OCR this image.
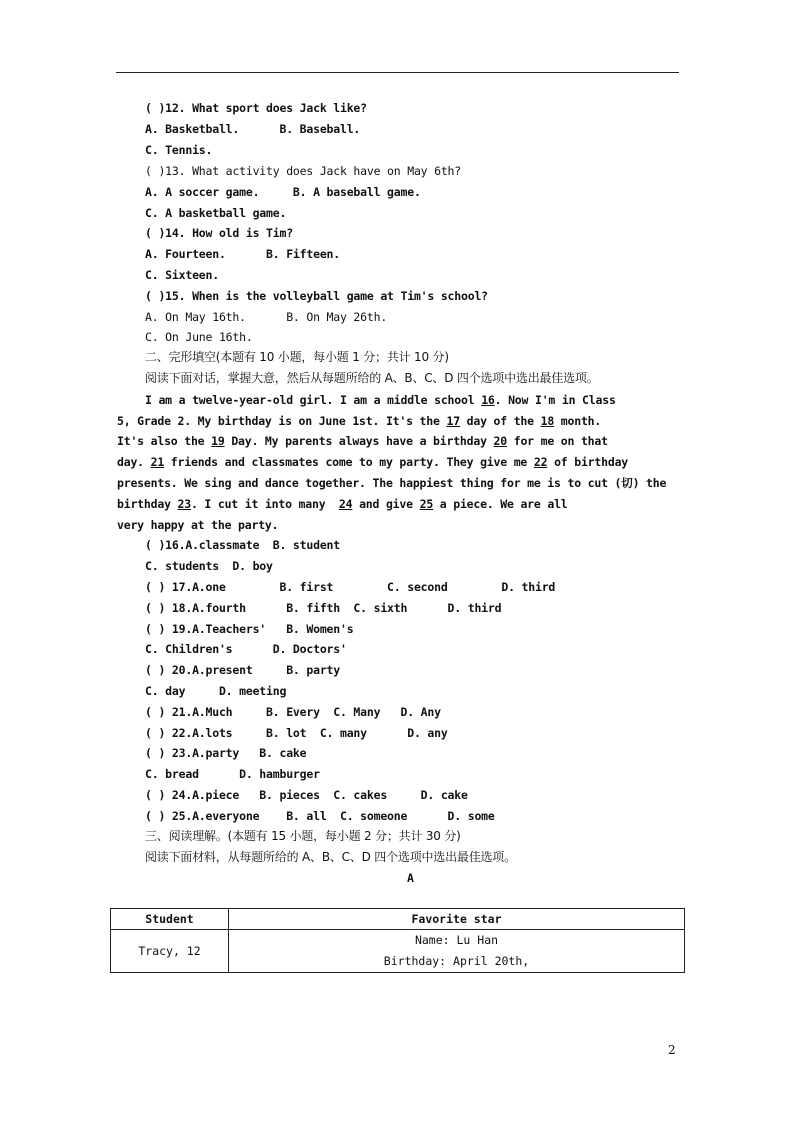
( )12. What sport does Jack like?
A. Basketball.      B. Baseball.
C. Tennis.
( )13. What activity does Jack have on May 6th?
A. A soccer game.     B. A baseball game.
C. A basketball game.
( )14. How old is Tim?
A. Fourteen.      B. Fifteen.
C. Sixteen.
( )15. When is the volleyball game at Tim's school?
A. On May 16th.      B. On May 26th.
C. On June 16th.
二、完形填空(本题有 10 小题，每小题 1 分；共计 10 分)
阅读下面对话，掌握大意，然后从每题所给的 A、B、C、D 四个选项中选出最佳选项。
I am a twelve-year-old girl. I am a middle school 16. Now I'm in Class
5, Grade 2. My birthday is on June 1st. It's the 17 day of the 18 month.
It's also the 19 Day. My parents always have a birthday 20 for me on that
day. 21 friends and classmates come to my party. They give me 22 of birthday
presents. We sing and dance together. The happiest thing for me is to cut (切) the
birthday 23. I cut it into many  24 and give 25 a piece. We are all
very happy at the party.
( )16.A.classmate  B. student
C. students  D. boy
( ) 17.A.one        B. first        C. second        D. third
( ) 18.A.fourth      B. fifth  C. sixth      D. third
( ) 19.A.Teachers'   B. Women's
C. Children's      D. Doctors'
( ) 20.A.present     B. party
C. day     D. meeting
( ) 21.A.Much     B. Every  C. Many   D. Any
( ) 22.A.lots     B. lot  C. many      D. any
( ) 23.A.party   B. cake
C. bread      D. hamburger
( ) 24.A.piece   B. pieces  C. cakes     D. cake
( ) 25.A.everyone    B. all  C. someone      D. some
三、阅读理解。(本题有 15 小题，每小题 2 分；共计 30 分)
阅读下面材料，从每题所给的 A、B、C、D 四个选项中选出最佳选项。
A
Student	Favorite star
Tracy, 12	Name: Lu Han
Birthday: April 20th,
2
